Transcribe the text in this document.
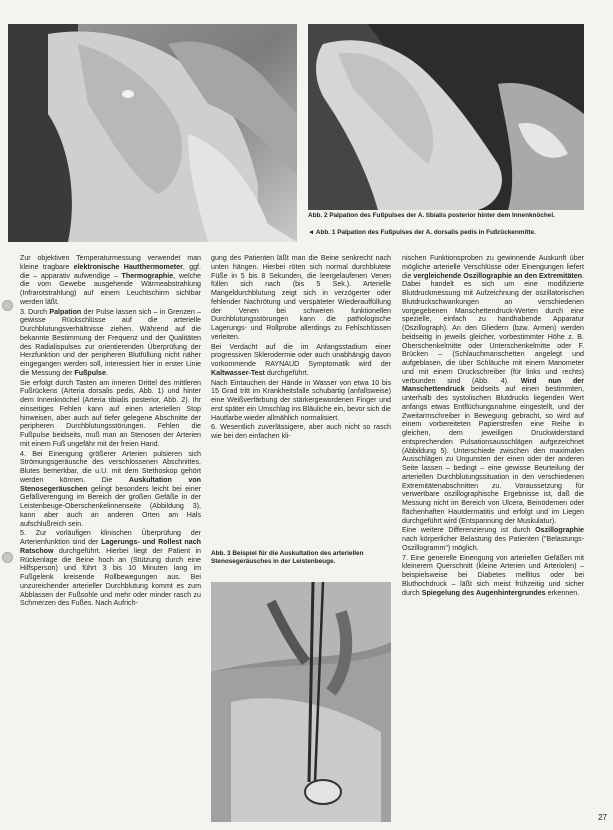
Abb. 2 Palpation des Fußpulses der A. tibialis posterior hinter dem Innenknöchel.
◄ Abb. 1 Palpation des Fußpulses der A. dorsalis pedis in Fußrückenmitte.

Zur objektiven Temperaturmessung verwendet man kleine tragbare elektronische Hautthermometer, ggf. die – apparativ aufwendige – Thermographie, welche die vom Gewebe ausgehende Wärmeabstrahlung (Infrarotstrahlung) auf einem Leuchtschirm sichtbar werden läßt.

3. Durch Palpation der Pulse lassen sich – in Grenzen – gewisse Rückschlüsse auf die arterielle Durchblutungsverhältnisse ziehen. Während auf die bekannte Bestimmung der Frequenz und der Qualitäten des Radialispulses zur orientierenden Überprüfung der Herzfunktion und der peripheren Blutfüllung nicht näher eingegangen werden soll, interessiert hier in erster Linie die Messung der Fußpulse.

Sie erfolgt durch Tasten am inneren Drittel des mittleren Fußrückens (Arteria dorsalis pedis, Abb. 1) und hinter dem Innenknöchel (Arteria tibialis posterior, Abb. 2). Ihr einseitiges Fehlen kann auf einen arteriellen Stop hinweisen, aber auch auf tiefer gelegene Abschnitte der peripheren Durchblutungsstörungen. Fehlen die Fußpulse beidseits, muß man an Stenosen der Arterien mit einem Fuß ungefähr mit der freien Hand.

4. Bei Einengung größerer Arterien pulsieren sich Strömungsgeräusche des verschlossenen Abschnittes. Blutes bemerkbar, die u.U. mit dem Stethoskop gehört werden können. Die Auskultation von Stenosegeräuschen gelingt besonders leicht bei einer Gefäßverengung im Bereich der großen Gefäße in der Leistenbeuge-Oberschenkelinnenseite (Abbildung 3), kann aber auch an anderen Orten am Hals aufschlußreich sein.

5. Zur vorläufigen klinischen Überprüfung der Arterienfunktion sind der Lagerungs- und Rollest nach Ratschow durchgeführt. Hierbei liegt der Patient in Rückenlage die Beine hoch an (Stützung durch eine Hilfsperson) und führt 3 bis 10 Minuten lang im Fußgelenk kreisende Rollbewegungen aus. Bei unzureichender arterieller Durchblutung kommt es zum Abblassen der Fußsohle und mehr oder minder rasch zu Schmerzen des Fußes. Nach Aufrich-

gung des Patienten läßt man die Beine senkrecht nach unten hängen. Hierbei röten sich normal durchblutete Füße in 5 bis 8 Sekunden, die leergelaufenen Venen füllen sich nach (bis 5 Sek.). Arterielle Mangeldurchblutung zeigt sich in verzögerter oder fehlender Nachrötung und verspäteter Wiederauffüllung der Venen bei schweren funktionellen Durchblutungsstörungen kann die pathologische Lagerungs- und Rollprobe allerdings zu Fehlschlüssen verleiten.

Bei Verdacht auf die im Anfangsstadium einer progressiven Sklerodermie oder auch unabhängig davon vorkommende RAYNAUD Symptomatik wird der Kaltwasser-Test durchgeführt.

Nach Eintauchen der Hände in Wasser von etwa 10 bis 15 Grad tritt im Krankheitsfalle schubartig (anfallsweise) eine Weißverfärbung der stärkergewordenen Finger und erst später ein Umschlag ins Bläuliche ein, bevor sich die Hautfarbe wieder allmählich normalisiert.

6. Wesentlich zuverlässigere, aber auch nicht so rasch wie bei den einfachen kli-

Abb. 3 Beispiel für die Auskultation des arteriellen Stenosegeräusches in der Leistenbeuge.

nischen Funktionsproben zu gewinnende Auskunft über mögliche arterielle Verschlüsse oder Einengungen liefert die vergleichende Oszillographie an den Extremitäten. Dabei handelt es sich um eine modifizierte Blutdruckmessung mit Aufzeichnung der oszillatorischen Blutdruckschwankungen an verschiedenen vorgegebenen Manschettendruck-Werten durch eine spezielle, einfach zu handhabende Apparatur (Oszillograph). An den Gliedern (bzw. Armen) werden beidseitig in jeweils gleicher, vorbestimmter Höhe z. B. Oberschenkelmitte oder Unterschenkelmitte oder F. Brücken – (Schlauchmanschetten angelegt und aufgeblasen, die über Schläuche mit einem Manometer und mit einem Druckschreiber (für links und rechts) verbunden sind (Abb. 4). Wird nun der Manschettendruck beidseits auf einen bestimmten, unterhalb des systolischen Blutdrucks liegenden Wert anfangs etwas Entflüchungsnahme eingestellt, und der Zweitarmschreiber in Bewegung gebracht, so wird auf einem vorbereiteten Papierstreifen eine Reihe in gleichen, dem jeweiligen Druckwiderstand entsprechenden Pulsationsausschlägen aufgezeichnet (Abbildung 5). Unterschiede zwischen den maximalen Ausschlägen zu Ungunsten der einen oder der anderen Seite lassen – bedingt – eine gewisse Beurteilung der arteriellen Durchblutungssituation in den verschiedenen Extremitätenabschnitten zu. Voraussetzung für verwertbare oszillographische Ergebnisse ist, daß die Messung nicht im Bereich von Ulcera, Beinödemen oder flächenhaften Hautdermatitis und erfolgt und im Liegen durchgeführt wird (Entspannung der Muskulatur).

Eine weitere Differenzierung ist durch Oszillographie nach körperlicher Belastung des Patienten ("Belastungs-Oszillogramm") möglich.

7. Eine generelle Einengung von arteriellen Gefäßen mit kleinerem Querschnitt (kleine Arterien und Arteriolen) – beispielsweise bei Diabetes mellitus oder bei Bluthochdruck – läßt sich meist frühzeitig und sicher durch Spiegelung des Augenhintergrundes erkennen.

27
